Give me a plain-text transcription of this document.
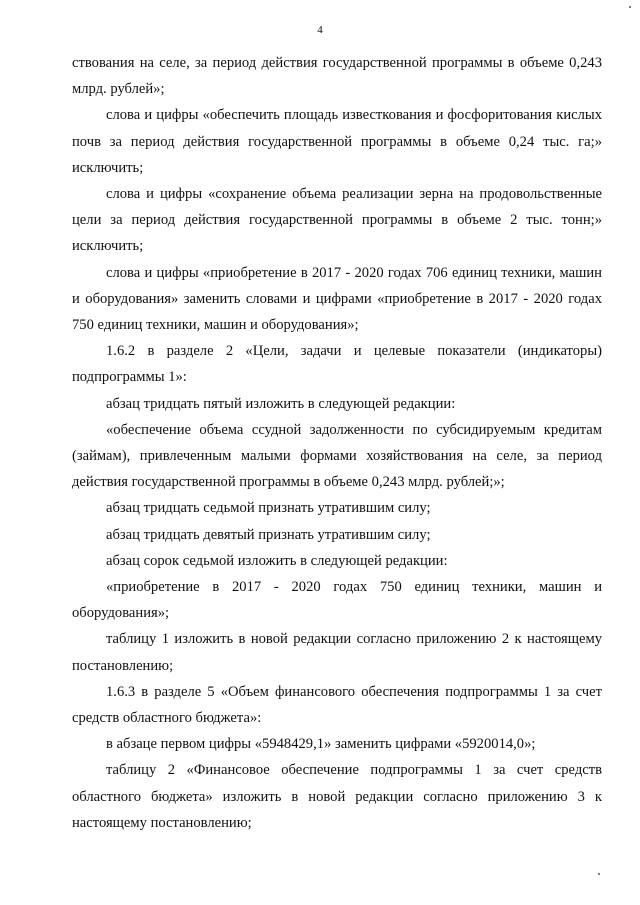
4

ствования на селе, за период действия государственной программы в объеме 0,243 млрд. рублей»;

слова и цифры «обеспечить площадь известкования и фосфоритования кислых почв за период действия государственной программы в объеме 0,24 тыс. га;» исключить;

слова и цифры «сохранение объема реализации зерна на продовольственные цели за период действия государственной программы в объеме 2 тыс. тонн;» исключить;

слова и цифры «приобретение в 2017 - 2020 годах 706 единиц техники, машин и оборудования» заменить словами и цифрами «приобретение в 2017 - 2020 годах 750 единиц техники, машин и оборудования»;

1.6.2 в разделе 2 «Цели, задачи и целевые показатели (индикаторы) подпрограммы 1»:

абзац тридцать пятый изложить в следующей редакции:

«обеспечение объема ссудной задолженности по субсидируемым кредитам (займам), привлеченным малыми формами хозяйствования на селе, за период действия государственной программы в объеме 0,243 млрд. рублей;»;

абзац тридцать седьмой признать утратившим силу;

абзац тридцать девятый признать утратившим силу;

абзац сорок седьмой изложить в следующей редакции:

«приобретение в 2017 - 2020 годах 750 единиц техники, машин и оборудования»;

таблицу 1 изложить в новой редакции согласно приложению 2 к настоящему постановлению;

1.6.3 в разделе 5 «Объем финансового обеспечения подпрограммы 1 за счет средств областного бюджета»:

в абзаце первом цифры «5948429,1» заменить цифрами «5920014,0»;

таблицу 2 «Финансовое обеспечение подпрограммы 1 за счет средств областного бюджета» изложить в новой редакции согласно приложению 3 к настоящему постановлению;
